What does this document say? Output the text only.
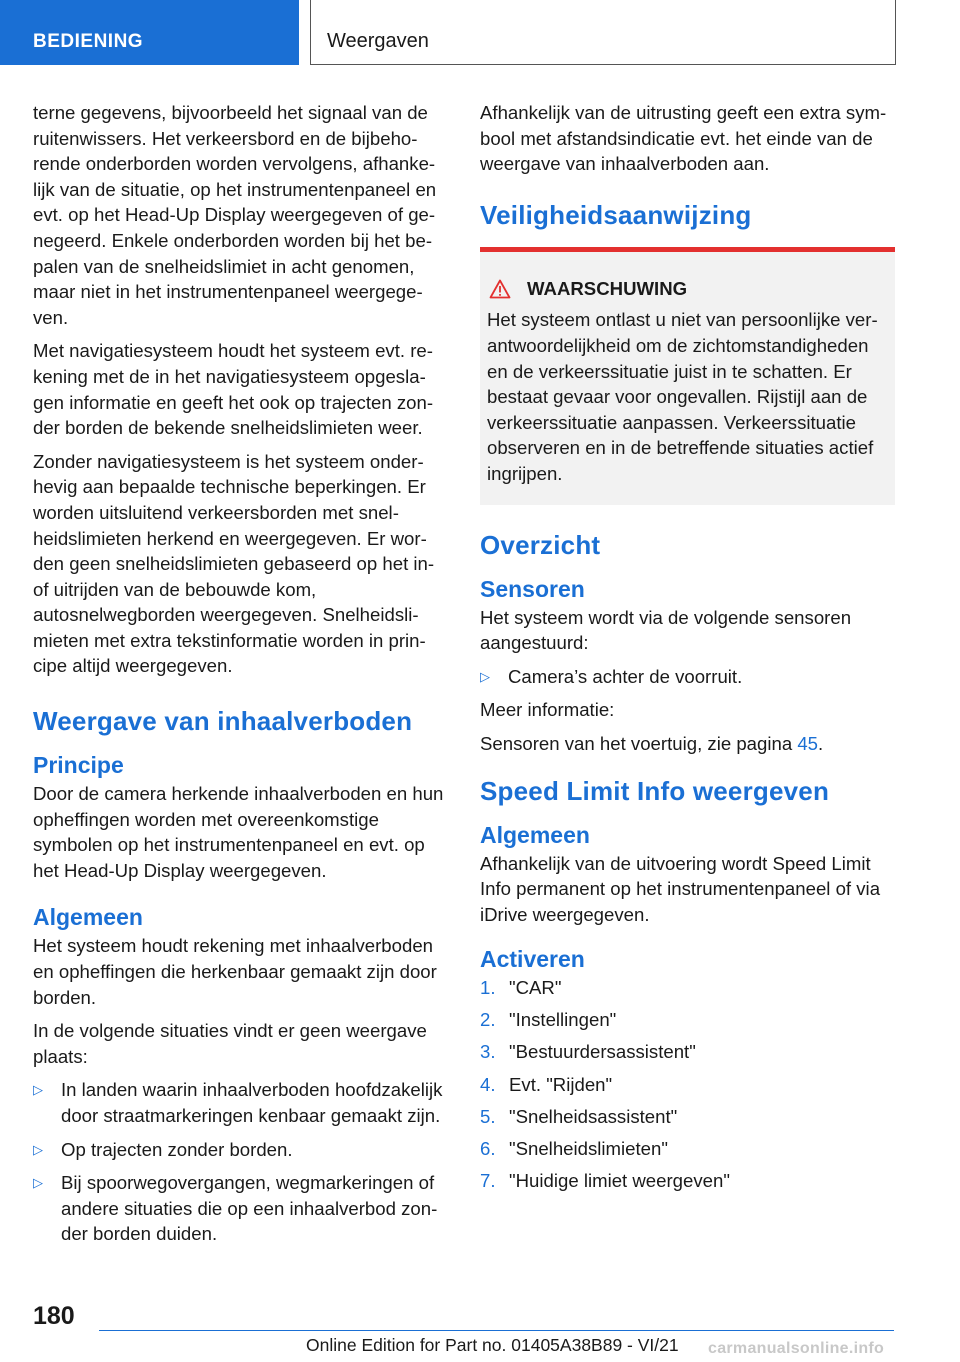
BEDIENING	Weergaven

terne gegevens, bijvoorbeeld het signaal van de ruitenwissers. Het verkeersbord en de bijbehorende onderborden worden vervolgens, afhankelijk van de situatie, op het instrumentenpaneel en evt. op het Head-Up Display weergegeven of genegeerd. Enkele onderborden worden bij het bepalen van de snelheidslimiet in acht genomen, maar niet in het instrumentenpaneel weergegeven.

Met navigatiesysteem houdt het systeem evt. rekening met de in het navigatiesysteem opgeslagen informatie en geeft het ook op trajecten zonder borden de bekende snelheidslimieten weer.

Zonder navigatiesysteem is het systeem onderhevig aan bepaalde technische beperkingen. Er worden uitsluitend verkeersborden met snelheidslimieten herkend en weergegeven. Er worden geen snelheidslimieten gebaseerd op het in- of uitrijden van de bebouwde kom, autosnelwegborden weergegeven. Snelheidslimieten met extra tekstinformatie worden in principe altijd weergegeven.

Weergave van inhaalverboden
Principe

Door de camera herkende inhaalverboden en hun opheffingen worden met overeenkomstige symbolen op het instrumentenpaneel en evt. op het Head-Up Display weergegeven.

Algemeen

Het systeem houdt rekening met inhaalverboden en opheffingen die herkenbaar gemaakt zijn door borden.

In de volgende situaties vindt er geen weergave plaats:

▷ In landen waarin inhaalverboden hoofdzakelijk door straatmarkeringen kenbaar gemaakt zijn.
▷ Op trajecten zonder borden.
▷ Bij spoorwegovergangen, wegmarkeringen of andere situaties die op een inhaalverbod zonder borden duiden.

Afhankelijk van de uitrusting geeft een extra symbool met afstandsindicatie evt. het einde van de weergave van inhaalverboden aan.

Veiligheidsaanwijzing
WAARSCHUWING
Het systeem ontlast u niet van persoonlijke verantwoordelijkheid om de zichtomstandigheden en de verkeerssituatie juist in te schatten. Er bestaat gevaar voor ongevallen. Rijstijl aan de verkeerssituatie aanpassen. Verkeerssituatie observeren en in de betreffende situaties actief ingrijpen.
Overzicht
Sensoren

Het systeem wordt via de volgende sensoren aangestuurd:

▷ Camera’s achter de voorruit.

Meer informatie:

Sensoren van het voertuig, zie pagina 45.

Speed Limit Info weergeven
Algemeen

Afhankelijk van de uitvoering wordt Speed Limit Info permanent op het instrumentenpaneel of via iDrive weergegeven.

Activeren
1. "CAR"
2. "Instellingen"
3. "Bestuurdersassistent"
4. Evt. "Rijden"
5. "Snelheidsassistent"
6. "Snelheidslimieten"
7. "Huidige limiet weergeven"
180
Online Edition for Part no. 01405A38B89 - VI/21 carmanualsonline.info
